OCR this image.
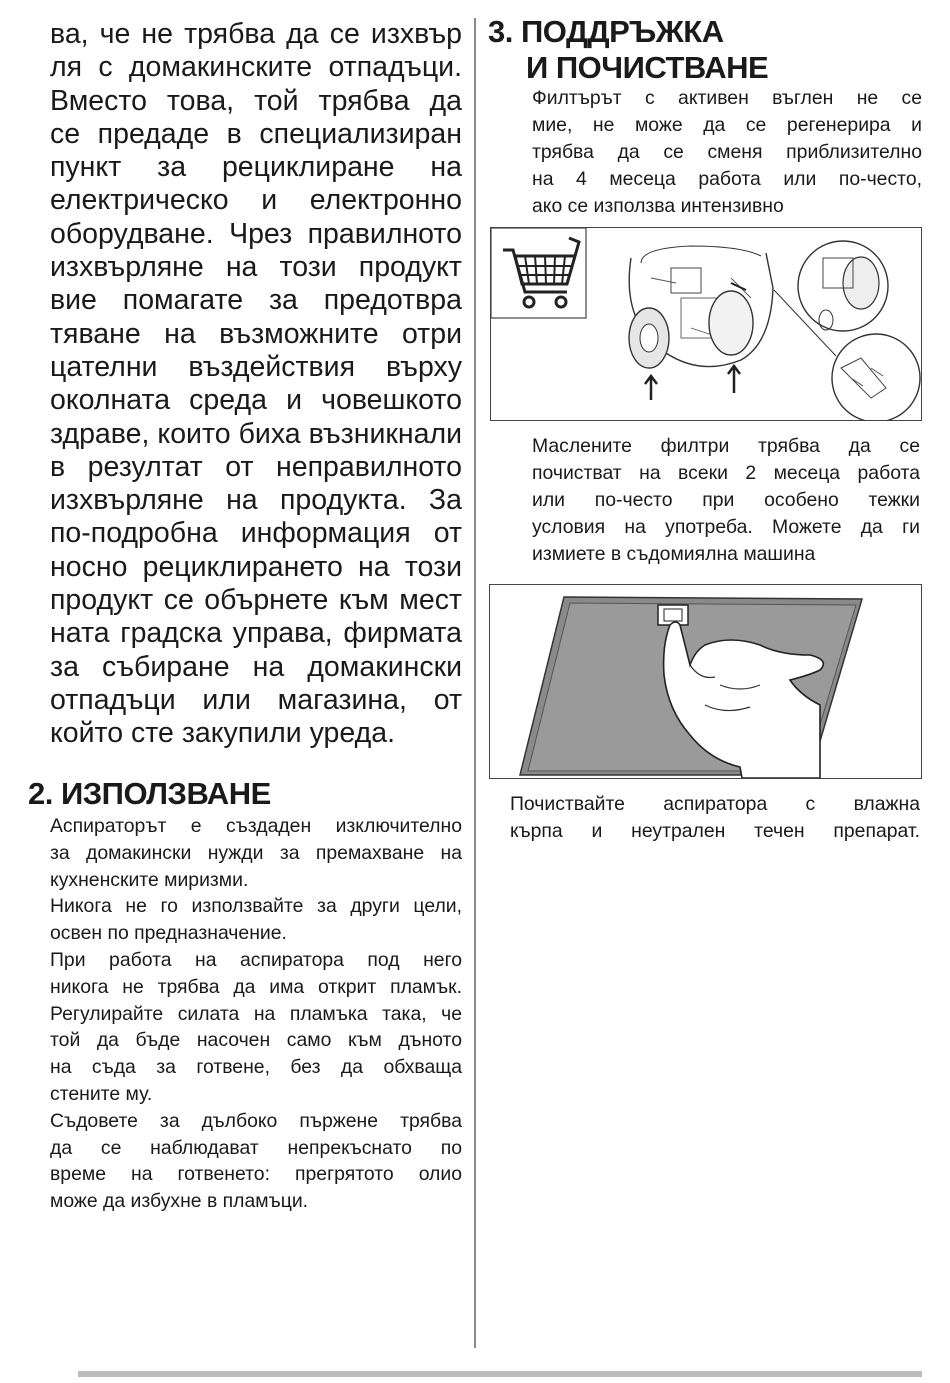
ва, че не трябва да се изхвър
ля с домакинските отпадъци.
Вместо това, той трябва да
се предаде в специализиран
пункт за рециклиране на
електрическо и електронно
оборудване. Чрез правилното
изхвърляне на този продукт
вие помагате за предотвра
тяване на възможните отри
цателни въздействия върху
околната среда и човешкото
здраве, които биха възникнали
в резултат от неправилното
изхвърляне на продукта. За
по-подробна информация от
носно рециклирането на този
продукт се обърнете към мест
ната градска управа, фирмата
за събиране на домакински
отпадъци или магазина, от
който сте закупили уреда.

2. ИЗПОЛЗВАНЕ

Аспираторът е създаден изключително
за домакински нужди за премахване на
кухненските миризми.
Никога не го използвайте за други цели,
освен по предназначение.
При работа на аспиратора под него
никога не трябва да има открит пламък.
Регулирайте силата на пламъка така, че
той да бъде насочен само към дъното
на съда за готвене, без да обхваща
стените му.
Съдовете за дълбоко пържене трябва
да се наблюдават непрекъснато по
време на готвенето: прегрятото олио
може да избухне в пламъци.

3. ПОДДРЪЖКА
И ПОЧИСТВАНЕ

Филтърът с активен въглен не се
мие, не може да се регенерира и
трябва да се сменя приблизително
на 4 месеца работа или по-често,
ако се използва интензивно

Маслените филтри трябва да се
почистват на всеки 2 месеца работа
или по-често при особено тежки
условия на употреба. Можете да ги
измиете в съдомиялна машина

Почиствайте аспиратора с влажна
кърпа и неутрален течен препарат.
